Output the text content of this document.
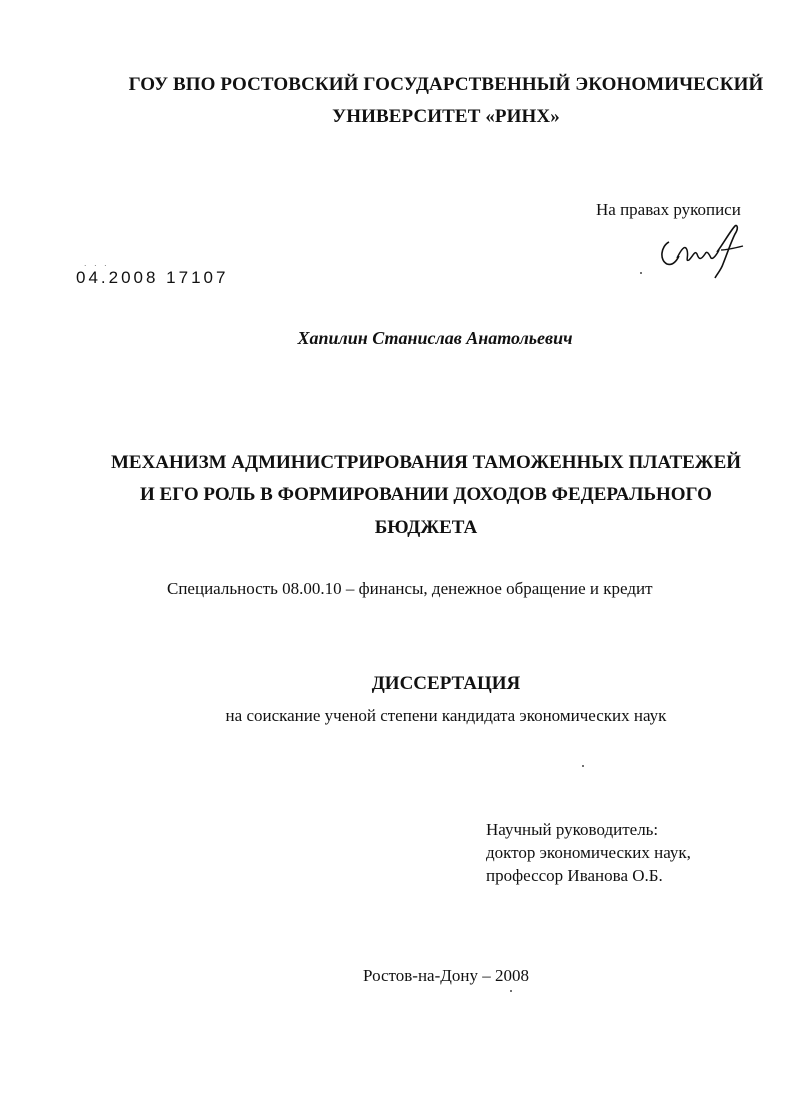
ГОУ ВПО РОСТОВСКИЙ ГОСУДАРСТВЕННЫЙ ЭКОНОМИЧЕСКИЙ
УНИВЕРСИТЕТ «РИНХ»
На правах рукописи
· · ·
04.2008 17107
Хапилин Станислав Анатольевич
МЕХАНИЗМ АДМИНИСТРИРОВАНИЯ ТАМОЖЕННЫХ ПЛАТЕЖЕЙ
И ЕГО РОЛЬ В ФОРМИРОВАНИИ ДОХОДОВ ФЕДЕРАЛЬНОГО
БЮДЖЕТА
Специальность 08.00.10 – финансы, денежное обращение и кредит
ДИССЕРТАЦИЯ
на соискание ученой степени кандидата экономических наук
Научный руководитель:
доктор экономических наук,
профессор Иванова О.Б.
Ростов-на-Дону – 2008
